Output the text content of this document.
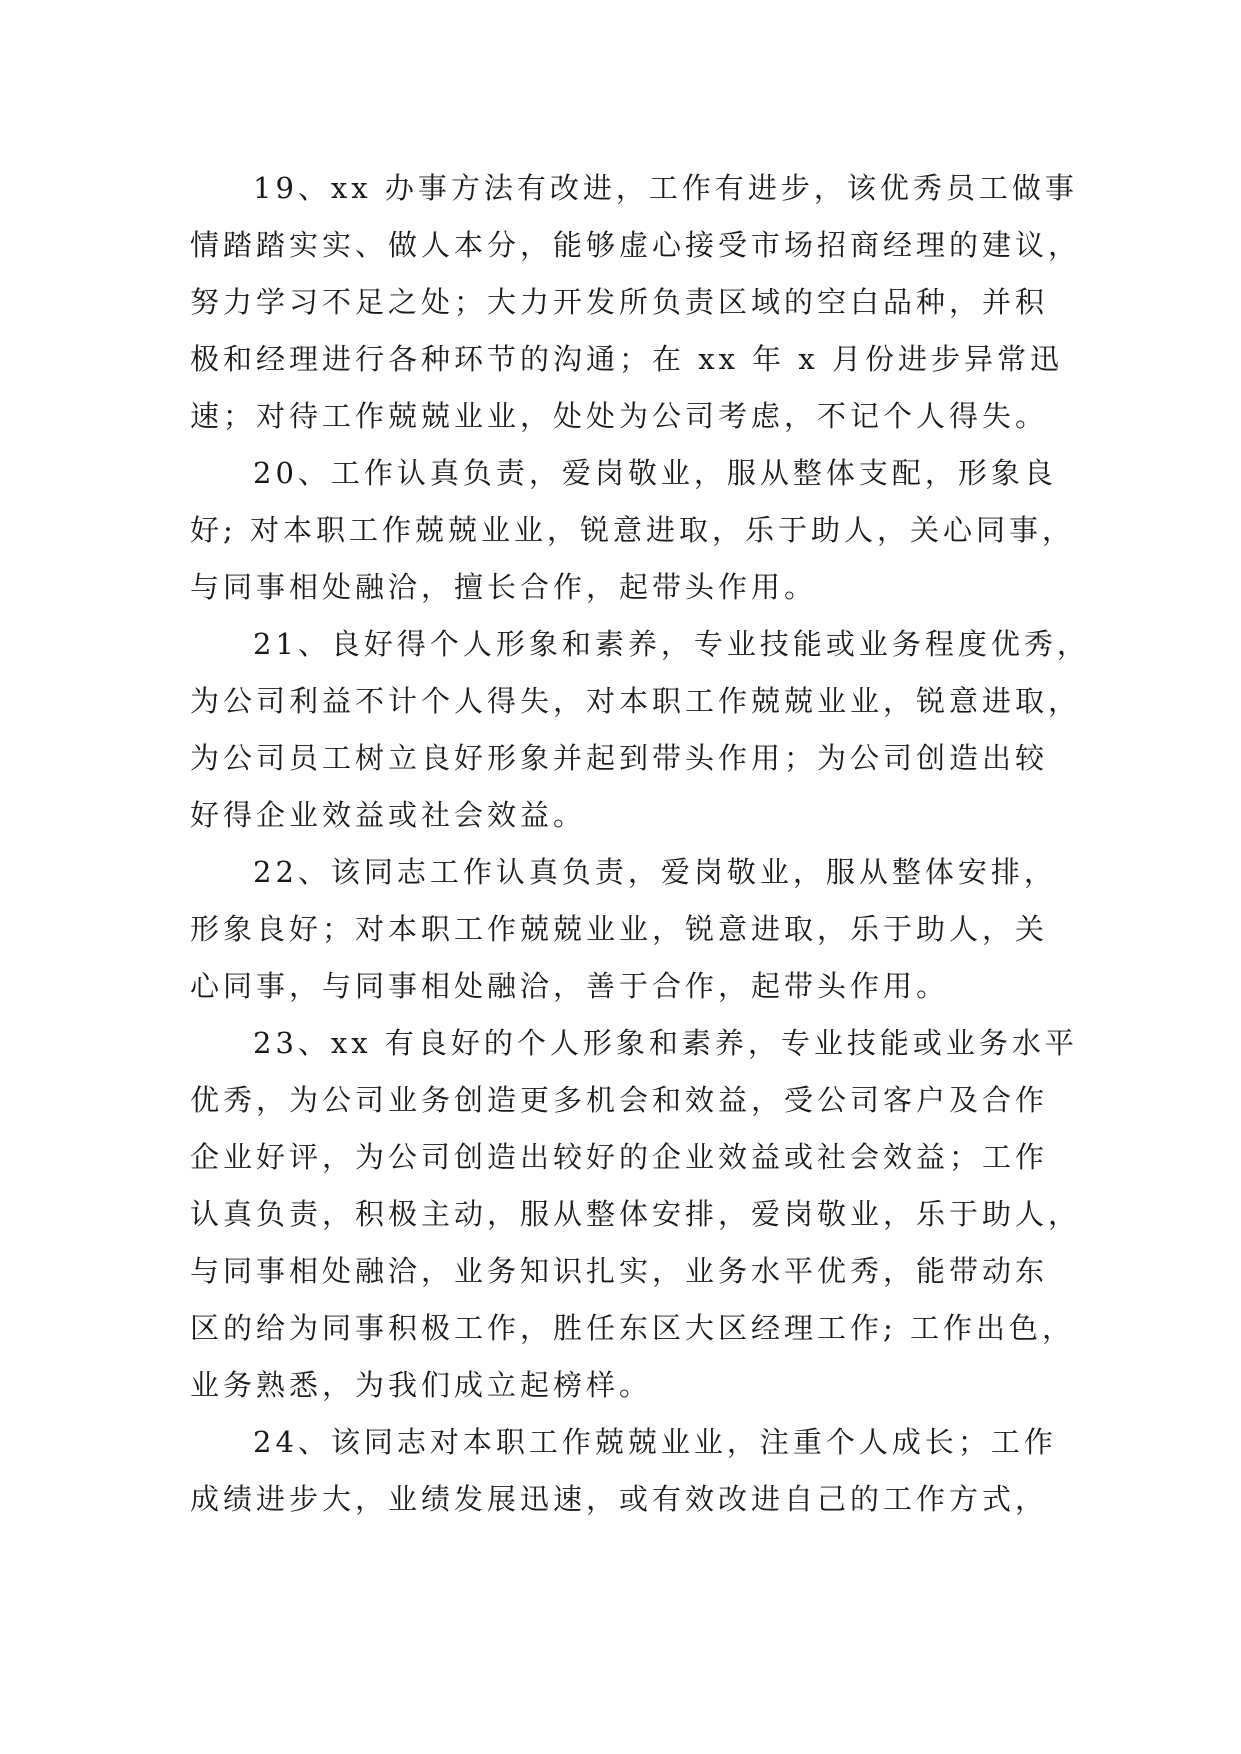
19、xx 办事方法有改进，工作有进步，该优秀员工做事
情踏踏实实、做人本分，能够虚心接受市场招商经理的建议，
努力学习不足之处；大力开发所负责区域的空白品种，并积
极和经理进行各种环节的沟通；在 xx 年 x 月份进步异常迅
速；对待工作兢兢业业，处处为公司考虑，不记个人得失。
20、工作认真负责，爱岗敬业，服从整体支配，形象良
好; 对本职工作兢兢业业，锐意进取，乐于助人，关心同事，
与同事相处融洽，擅长合作，起带头作用。
21、良好得个人形象和素养，专业技能或业务程度优秀，
为公司利益不计个人得失，对本职工作兢兢业业，锐意进取，
为公司员工树立良好形象并起到带头作用；为公司创造出较
好得企业效益或社会效益。
22、该同志工作认真负责，爱岗敬业，服从整体安排，
形象良好；对本职工作兢兢业业，锐意进取，乐于助人，关
心同事，与同事相处融洽，善于合作，起带头作用。
23、xx 有良好的个人形象和素养，专业技能或业务水平
优秀，为公司业务创造更多机会和效益，受公司客户及合作
企业好评，为公司创造出较好的企业效益或社会效益；工作
认真负责，积极主动，服从整体安排，爱岗敬业，乐于助人，
与同事相处融洽，业务知识扎实，业务水平优秀，能带动东
区的给为同事积极工作，胜任东区大区经理工作; 工作出色，
业务熟悉，为我们成立起榜样。
24、该同志对本职工作兢兢业业，注重个人成长；工作
成绩进步大，业绩发展迅速，或有效改进自己的工作方式，
